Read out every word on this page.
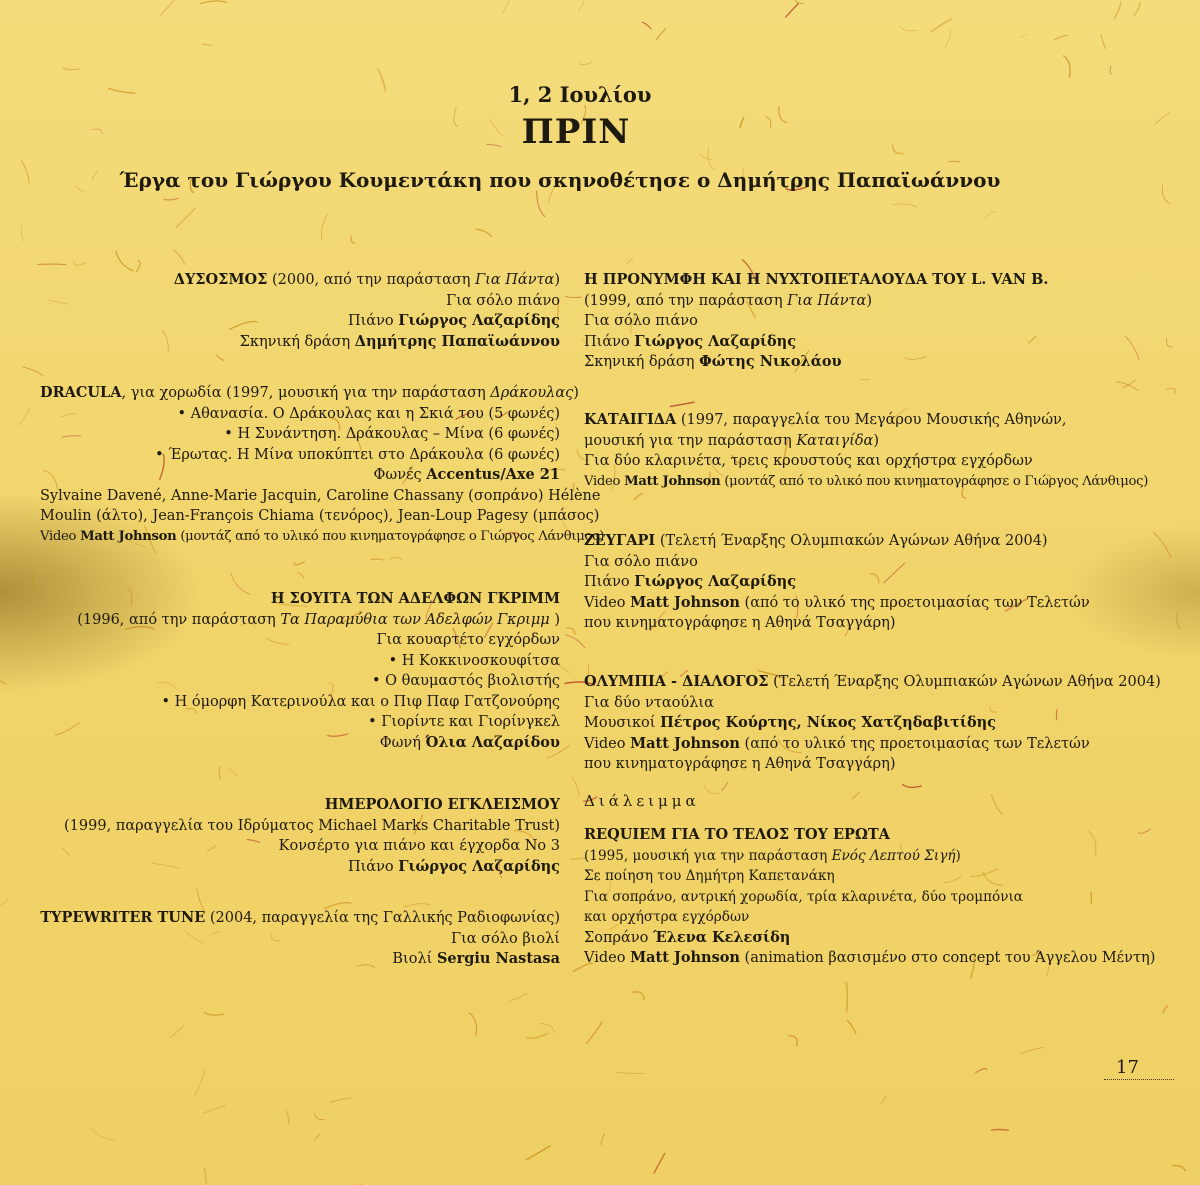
1, 2 Ιουλίου
ΠΡΙΝ
Έργα του Γιώργου Κουμεντάκη που σκηνοθέτησε ο Δημήτρης Παπαϊωάννου
ΔΥΣΟΣΜΟΣ (2000, από την παράσταση Για Πάντα)
Για σόλο πιάνο
Πιάνο Γιώργος Λαζαρίδης
Σκηνική δράση Δημήτρης Παπαϊωάννου
DRACULA, για χορωδία (1997, μουσική για την παράσταση Δράκουλας)
• Αθανασία. Ο Δράκουλας και η Σκιά του (5 φωνές)
• Η Συνάντηση. Δράκουλας – Μίνα (6 φωνές)
• Έρωτας. Η Μίνα υποκύπτει στο Δράκουλα (6 φωνές)
Φωνές Accentus/Axe 21
Sylvaine Davené, Anne-Marie Jacquin, Caroline Chassany (σοπράνο) Hélène
Moulin (άλτο), Jean-François Chiama (τενόρος), Jean-Loup Pagesy (μπάσος)
Video Matt Johnson (μοντάζ από το υλικό που κινηματογράφησε ο Γιώργος Λάνθιμος)
Η ΣΟΥΙΤΑ ΤΩΝ ΑΔΕΛΦΩΝ ΓΚΡΙΜΜ
(1996, από την παράσταση Τα Παραμύθια των Αδελφών Γκριμμ )
Για κουαρτέτο εγχόρδων
• Η Κοκκινοσκουφίτσα
• Ο θαυμαστός βιολιστής
• Η όμορφη Κατερινούλα και ο Πιφ Παφ Γατζονούρης
• Γιορίντε και Γιορίνγκελ
Φωνή Όλια Λαζαρίδου
ΗΜΕΡΟΛΟΓΙΟ ΕΓΚΛΕΙΣΜΟΥ
(1999, παραγγελία του Ιδρύματος Michael Marks Charitable Trust)
Κονσέρτο για πιάνο και έγχορδα Νο 3
Πιάνο Γιώργος Λαζαρίδης
TYPEWRITER TUNE (2004, παραγγελία της Γαλλικής Ραδιοφωνίας)
Για σόλο βιολί
Βιολί Sergiu Nastasa
Η ΠΡΟΝΥΜΦΗ ΚΑΙ Η ΝΥΧΤΟΠΕΤΑΛΟΥΔΑ ΤΟΥ L. VAN B.
(1999, από την παράσταση Για Πάντα)
Για σόλο πιάνο
Πιάνο Γιώργος Λαζαρίδης
Σκηνική δράση Φώτης Νικολάου
ΚΑΤΑΙΓΙΔΑ (1997, παραγγελία του Μεγάρου Μουσικής Αθηνών,
μουσική για την παράσταση Καταιγίδα)
Για δύο κλαρινέτα, τρεις κρουστούς και ορχήστρα εγχόρδων
Video Matt Johnson (μοντάζ από το υλικό που κινηματογράφησε ο Γιώργος Λάνθιμος)
ΖΕΥΓΑΡΙ (Τελετή Έναρξης Ολυμπιακών Αγώνων Αθήνα 2004)
Για σόλο πιάνο
Πιάνο Γιώργος Λαζαρίδης
Video Matt Johnson (από το υλικό της προετοιμασίας των Τελετών
που κινηματογράφησε η Αθηνά Τσαγγάρη)
ΟΛΥΜΠΙΑ - ΔΙΑΛΟΓΟΣ (Τελετή Έναρξης Ολυμπιακών Αγώνων Αθήνα 2004)
Για δύο νταούλια
Μουσικοί Πέτρος Κούρτης, Νίκος Χατζηδαβιτίδης
Video Matt Johnson (από το υλικό της προετοιμασίας των Τελετών
που κινηματογράφησε η Αθηνά Τσαγγάρη)
REQUIEM ΓΙΑ ΤΟ ΤΕΛΟΣ ΤΟΥ ΕΡΩΤΑ
(1995, μουσική για την παράσταση Ενός Λεπτού Σιγή)
Σε ποίηση του Δημήτρη Καπετανάκη
Για σοπράνο, αντρική χορωδία, τρία κλαρινέτα, δύο τρομπόνια
και ορχήστρα εγχόρδων
Σοπράνο Έλενα Κελεσίδη
Video Matt Johnson (animation βασισμένο στο concept του Άγγελου Μέντη)
Διάλειμμα
17
